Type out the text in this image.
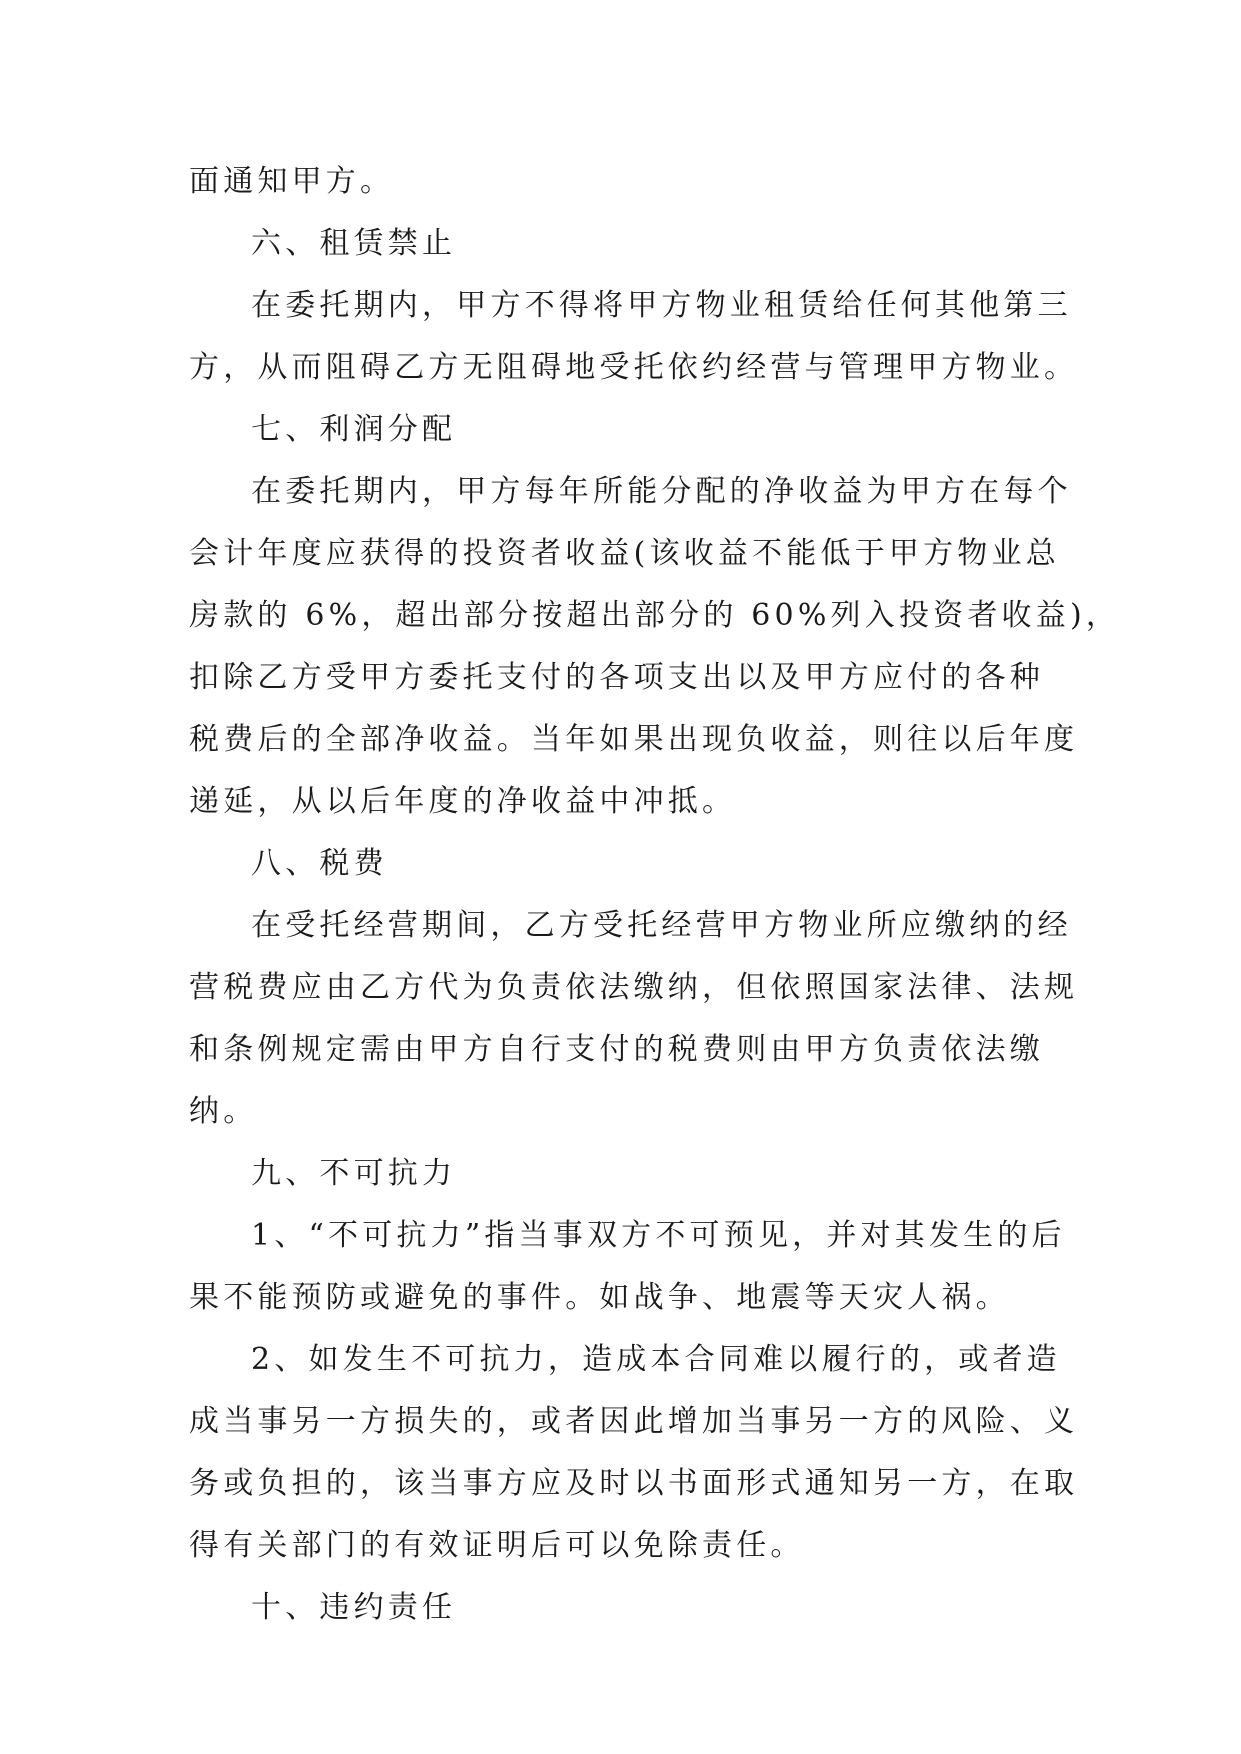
面通知甲方。
六、租赁禁止
在委托期内，甲方不得将甲方物业租赁给任何其他第三
方，从而阻碍乙方无阻碍地受托依约经营与管理甲方物业。
七、利润分配
在委托期内，甲方每年所能分配的净收益为甲方在每个
会计年度应获得的投资者收益(该收益不能低于甲方物业总
房款的 6%，超出部分按超出部分的 60%列入投资者收益)，
扣除乙方受甲方委托支付的各项支出以及甲方应付的各种
税费后的全部净收益。当年如果出现负收益，则往以后年度
递延，从以后年度的净收益中冲抵。
八、税费
在受托经营期间，乙方受托经营甲方物业所应缴纳的经
营税费应由乙方代为负责依法缴纳，但依照国家法律、法规
和条例规定需由甲方自行支付的税费则由甲方负责依法缴
纳。
九、不可抗力
1、“不可抗力”指当事双方不可预见，并对其发生的后
果不能预防或避免的事件。如战争、地震等天灾人祸。
2、如发生不可抗力，造成本合同难以履行的，或者造
成当事另一方损失的，或者因此增加当事另一方的风险、义
务或负担的，该当事方应及时以书面形式通知另一方，在取
得有关部门的有效证明后可以免除责任。
十、违约责任
